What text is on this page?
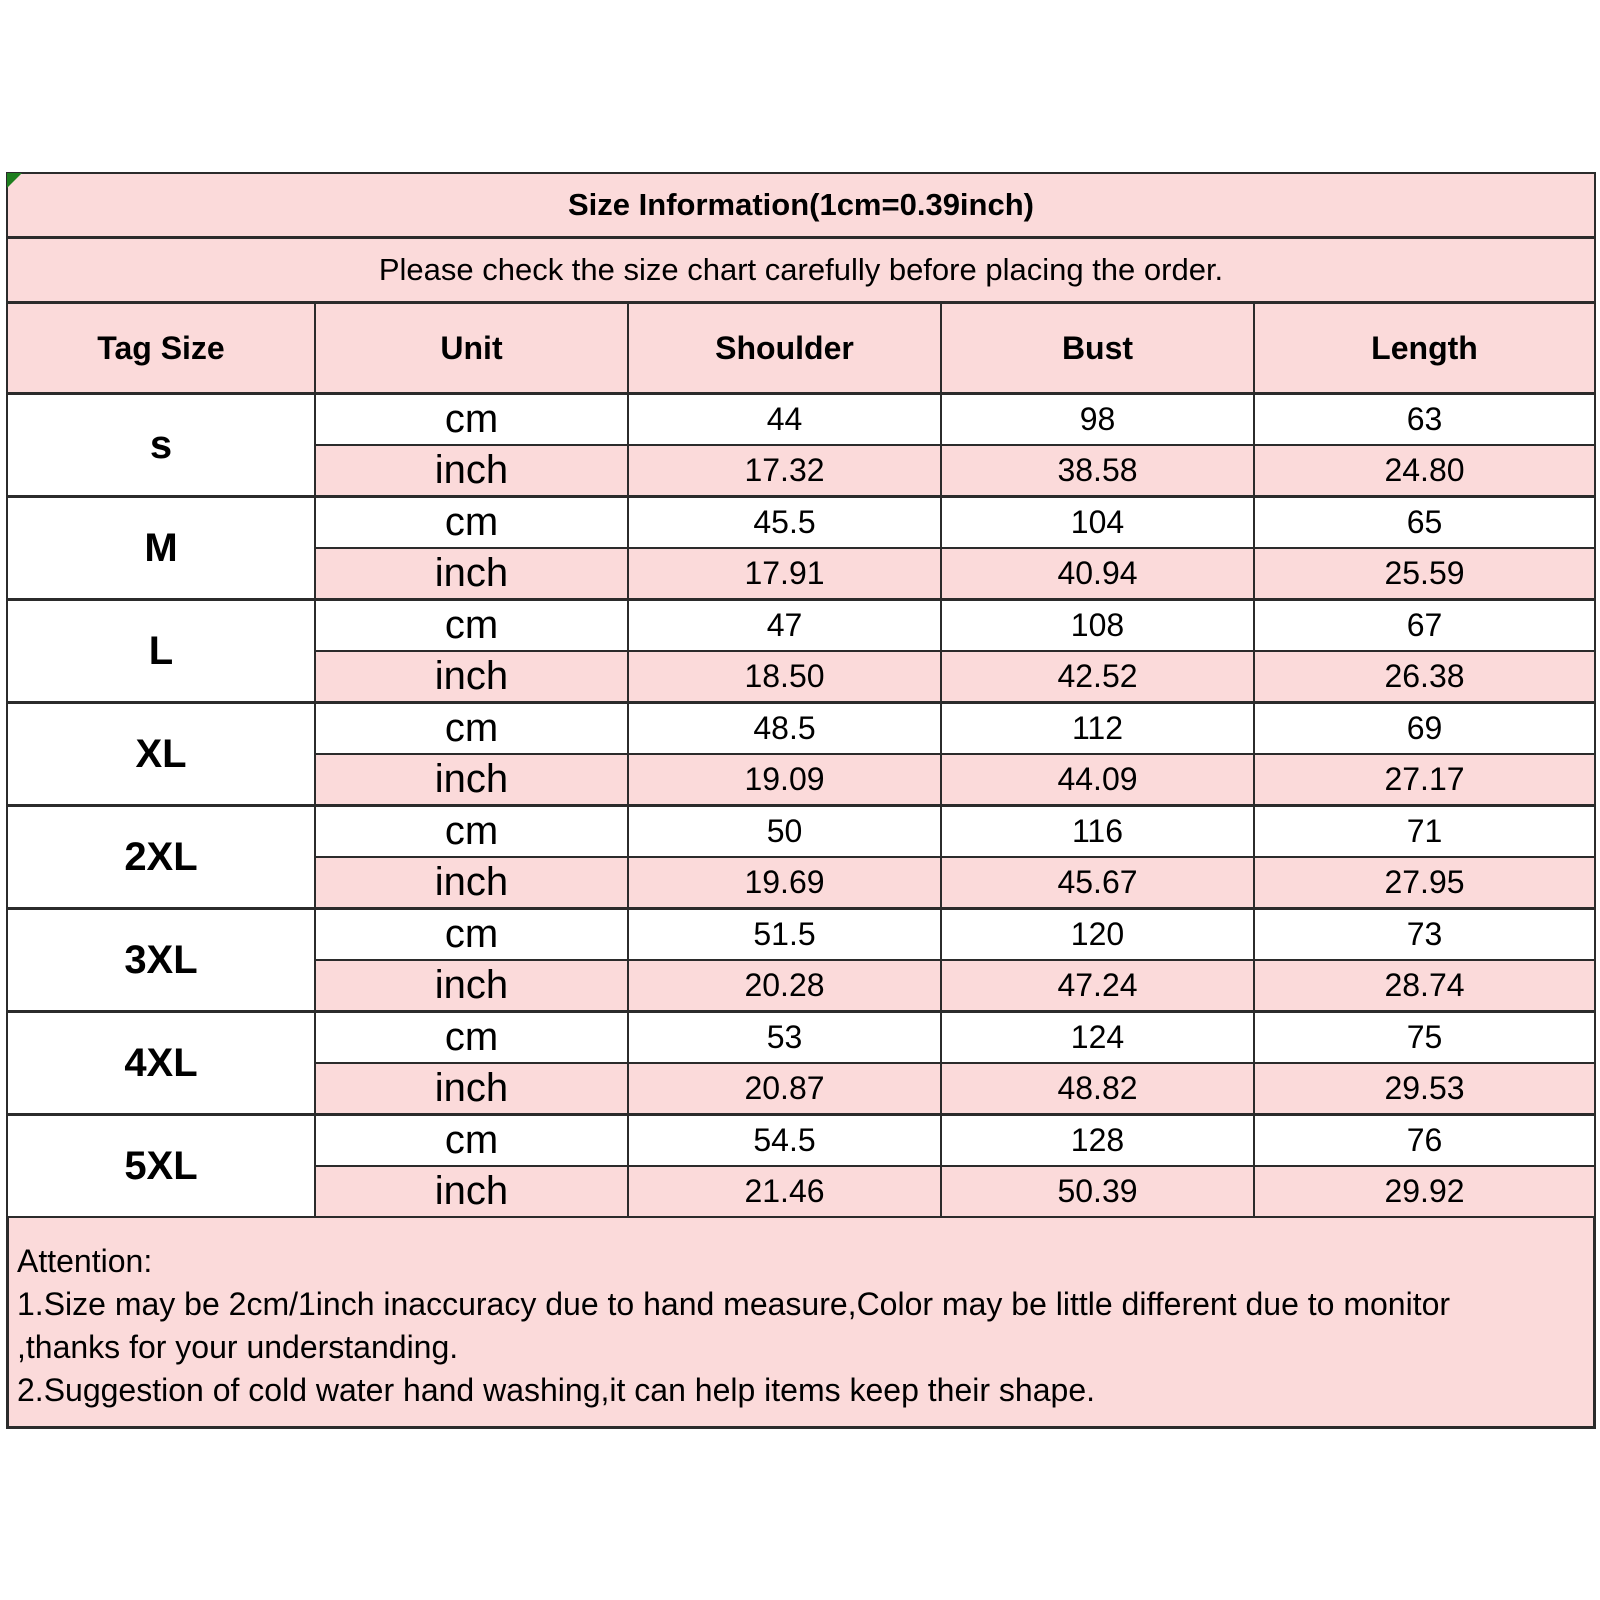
Size Information(1cm=0.39inch)				
Please check the size chart carefully before placing the order.				
Tag Size	Unit	Shoulder	Bust	Length
s	cm	44	98	63
	inch	17.32	38.58	24.80
M	cm	45.5	104	65
	inch	17.91	40.94	25.59
L	cm	47	108	67
	inch	18.50	42.52	26.38
XL	cm	48.5	112	69
	inch	19.09	44.09	27.17
2XL	cm	50	116	71
	inch	19.69	45.67	27.95
3XL	cm	51.5	120	73
	inch	20.28	47.24	28.74
4XL	cm	53	124	75
	inch	20.87	48.82	29.53
5XL	cm	54.5	128	76
	inch	21.46	50.39	29.92
Attention:
1.Size may be 2cm/1inch inaccuracy due to hand measure,Color may be little different due to monitor
,thanks for your understanding.
2.Suggestion of cold water hand washing,it can help items keep their shape.
